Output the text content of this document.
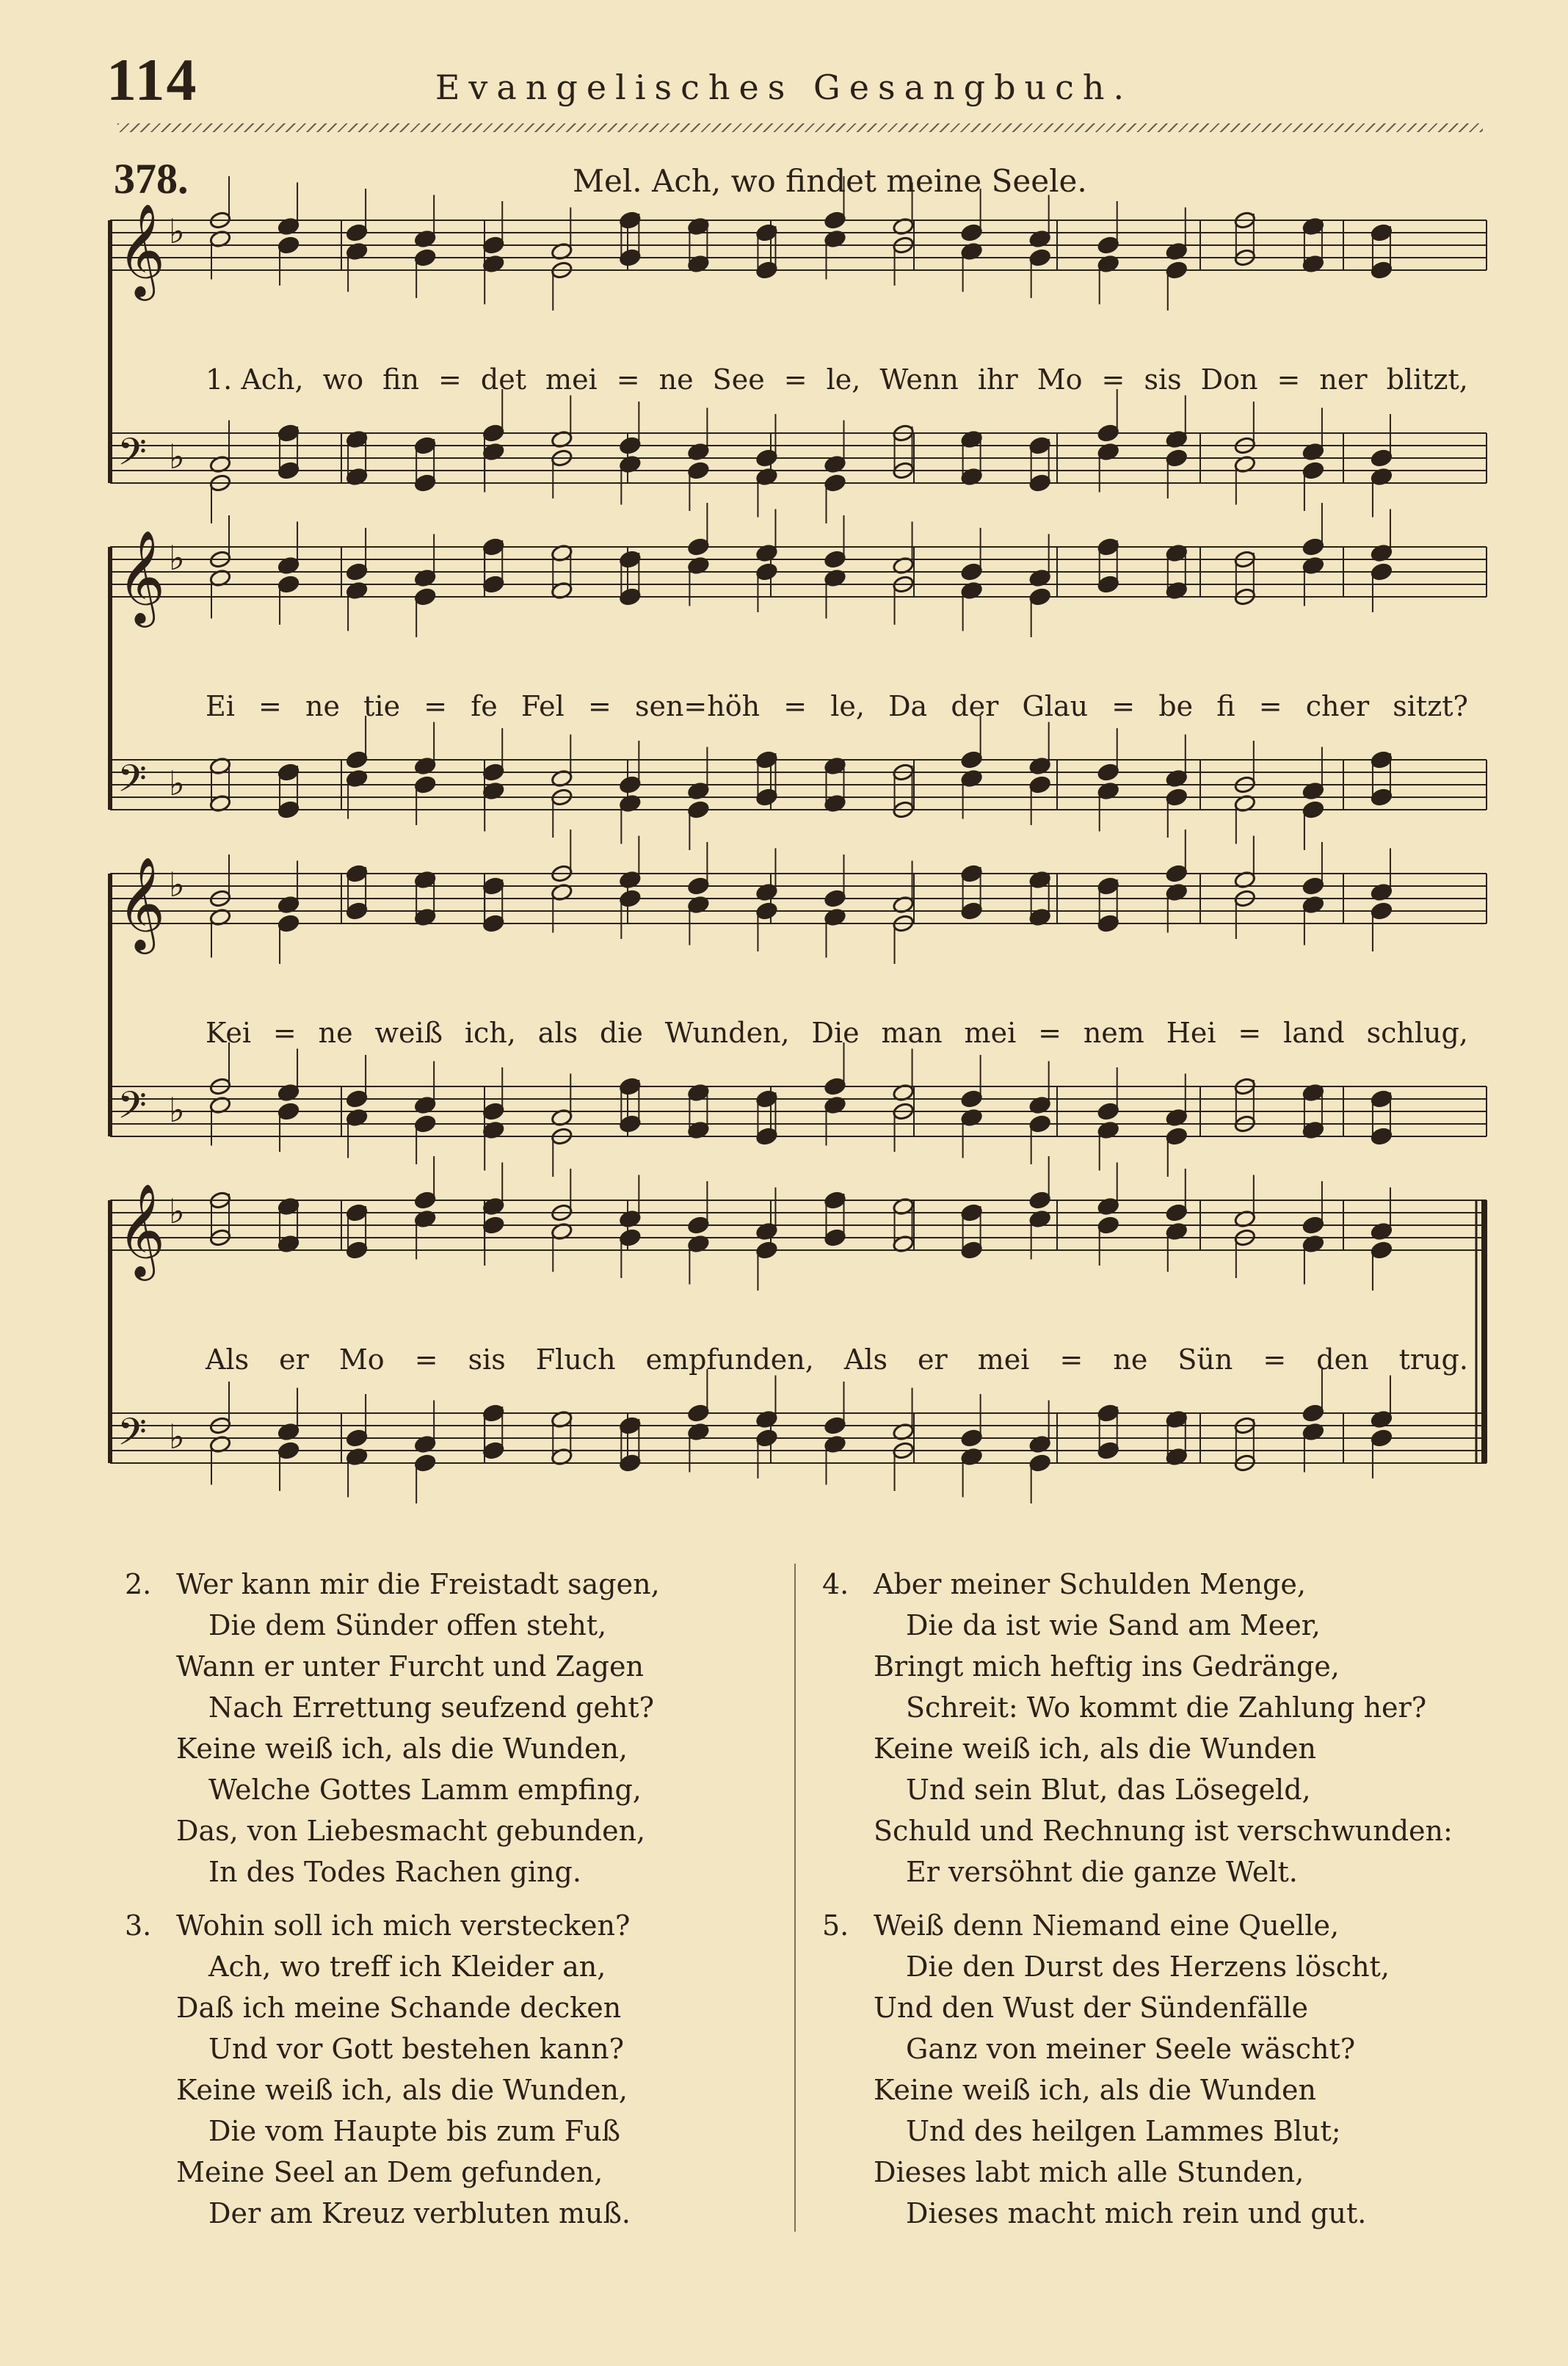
114	Evangelisches Gesangbuch.
378.	Mel. Ach, wo findet meine Seele.
𝄞 ♭
𝄢 ♭
𝄞 ♭
𝄢 ♭
𝄞 ♭
𝄢 ♭
𝄞 ♭
𝄢 ♭
1. Ach, wo fin = det mei = ne See = le, Wenn ihr Mo = sis Don = ner blitzt,
Ei = ne tie = fe Fel = sen=höh = le, Da der Glau = be fi = cher sitzt?
Kei = ne weiß ich, als die Wunden, Die man mei = nem Hei = land schlug,
Als er Mo = sis Fluch empfunden, Als er mei = ne Sün = den trug.
2. Wer kann mir die Freistadt sagen,
Die dem Sünder offen steht,
Wann er unter Furcht und Zagen
Nach Errettung seufzend geht?
Keine weiß ich, als die Wunden,
Welche Gottes Lamm empfing,
Das, von Liebesmacht gebunden,
In des Todes Rachen ging.
3. Wohin soll ich mich verstecken?
Ach, wo treff ich Kleider an,
Daß ich meine Schande decken
Und vor Gott bestehen kann?
Keine weiß ich, als die Wunden,
Die vom Haupte bis zum Fuß
Meine Seel an Dem gefunden,
Der am Kreuz verbluten muß.
4. Aber meiner Schulden Menge,
Die da ist wie Sand am Meer,
Bringt mich heftig ins Gedränge,
Schreit: Wo kommt die Zahlung her?
Keine weiß ich, als die Wunden
Und sein Blut, das Lösegeld,
Schuld und Rechnung ist verschwunden:
Er versöhnt die ganze Welt.
5. Weiß denn Niemand eine Quelle,
Die den Durst des Herzens löscht,
Und den Wust der Sündenfälle
Ganz von meiner Seele wäscht?
Keine weiß ich, als die Wunden
Und des heilgen Lammes Blut;
Dieses labt mich alle Stunden,
Dieses macht mich rein und gut.
